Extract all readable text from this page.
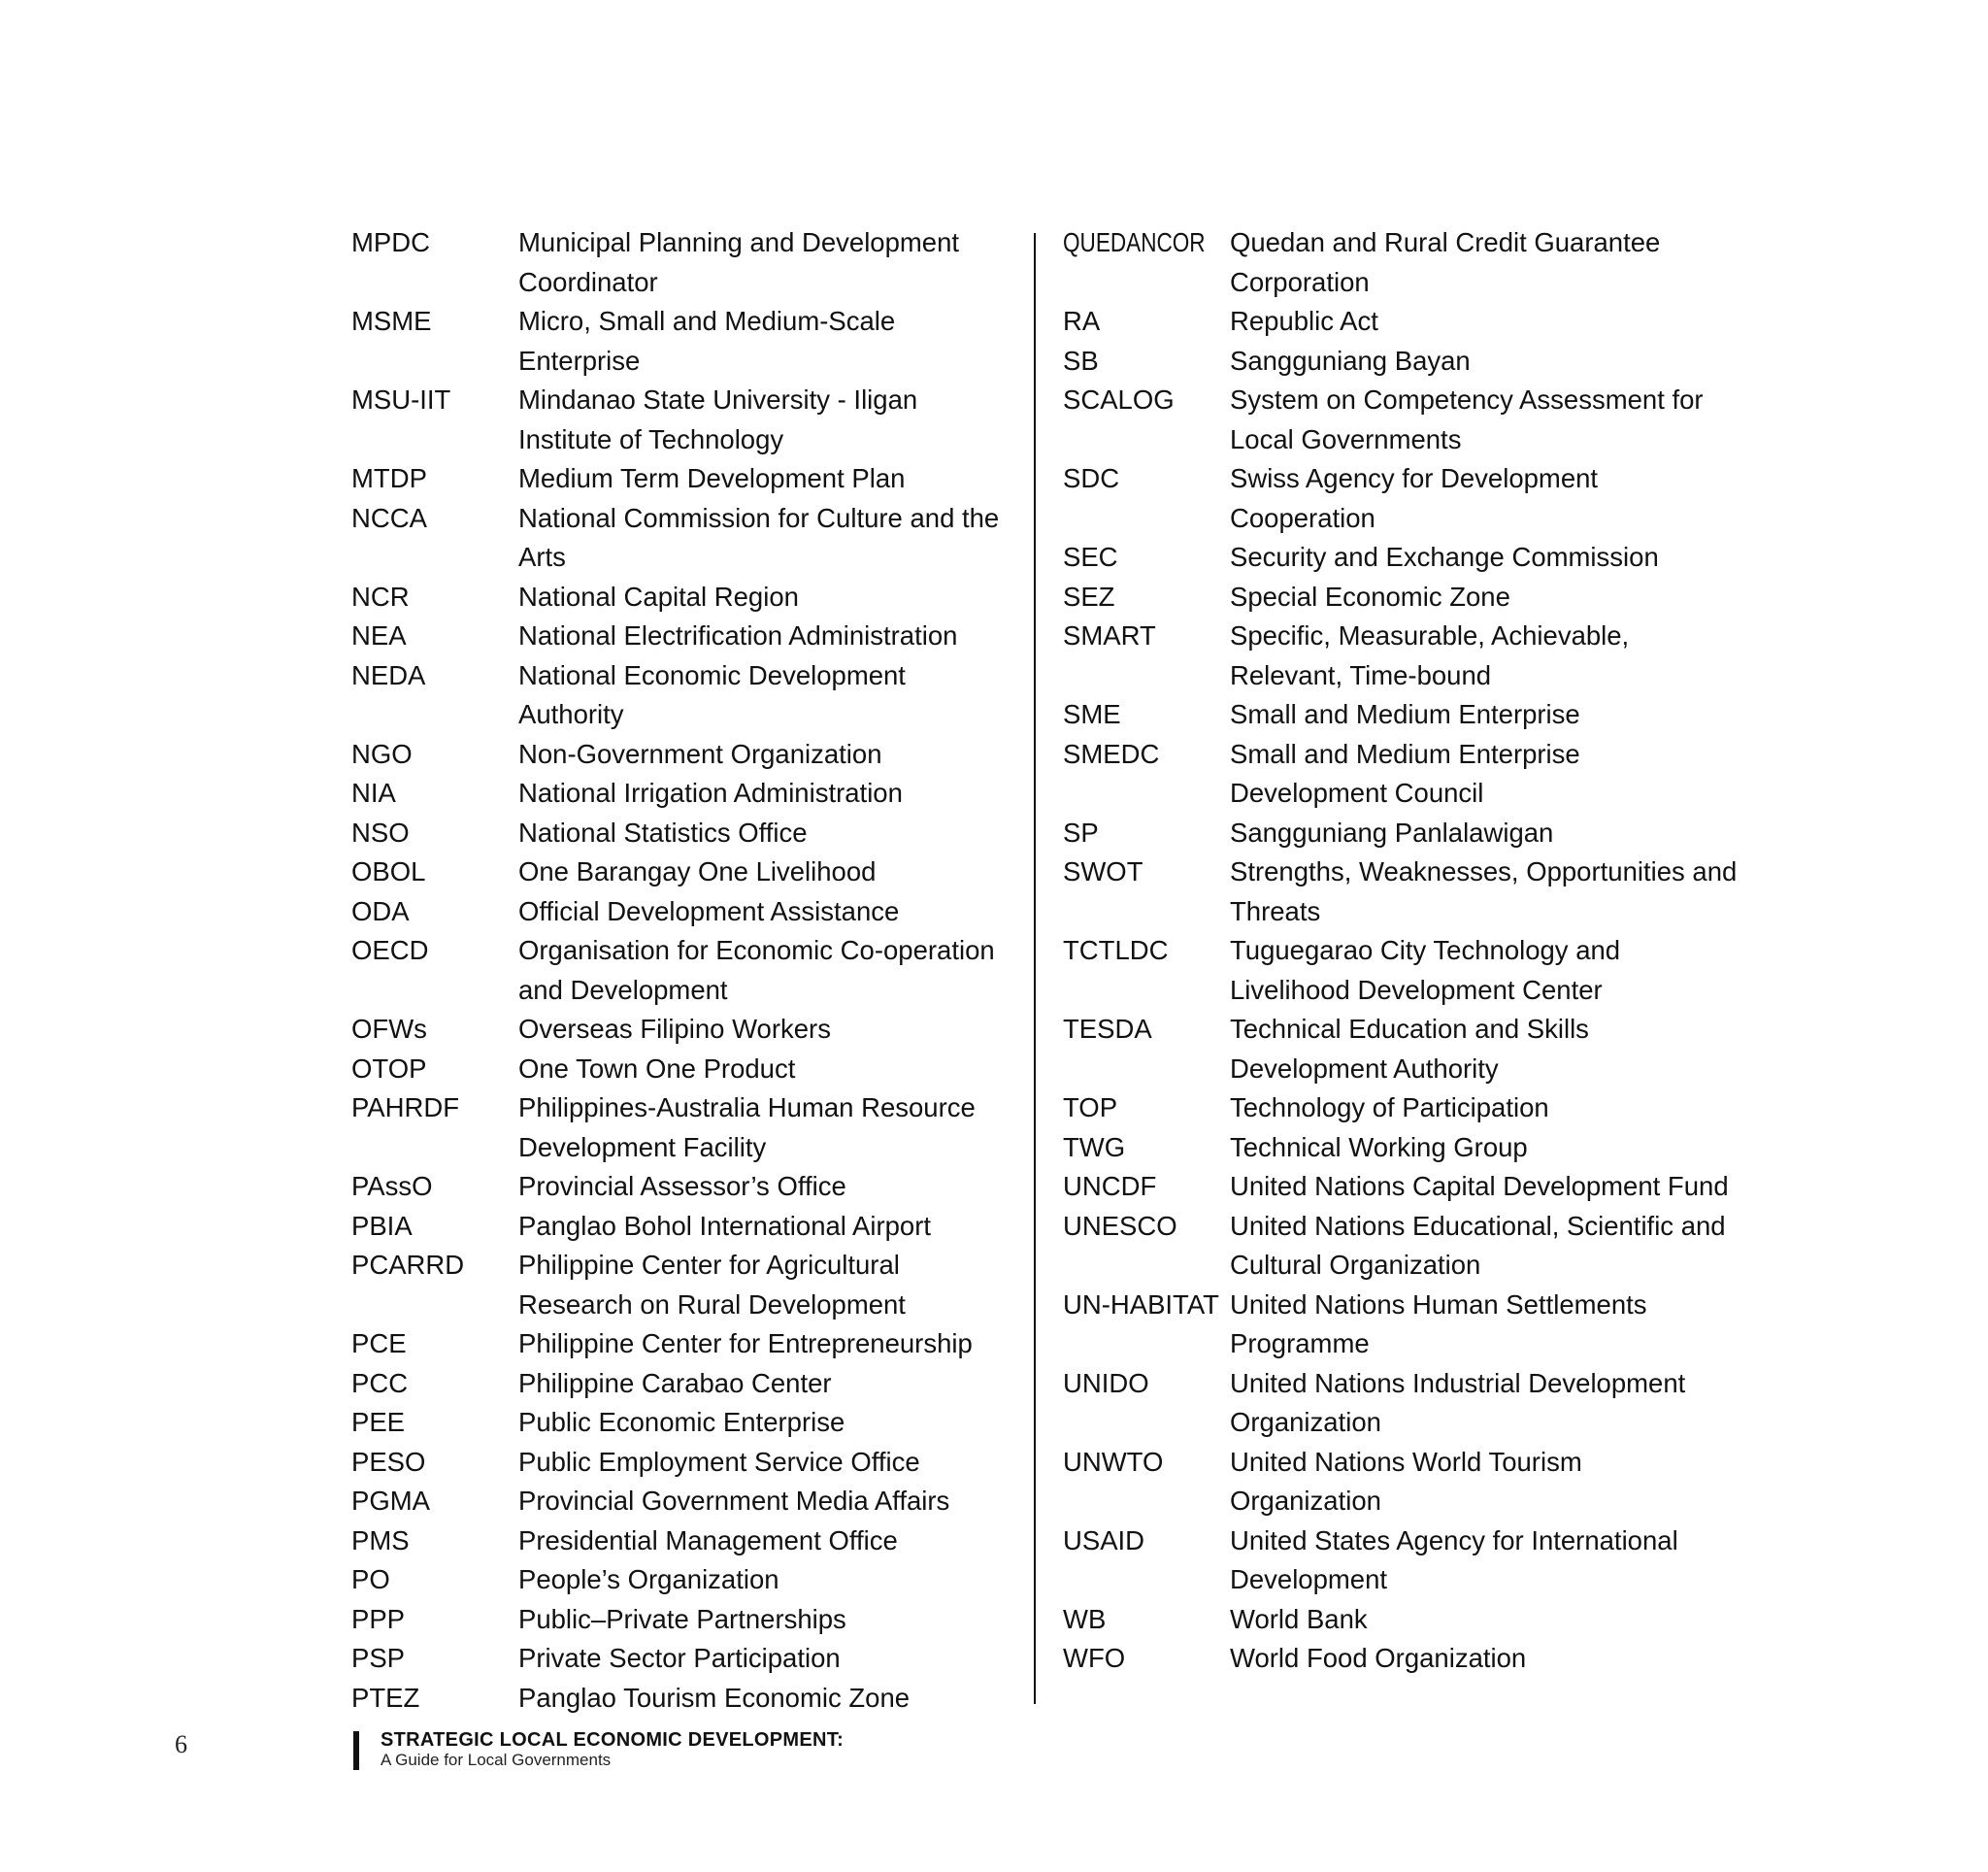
MPDC	Municipal Planning and Development Coordinator
MSME	Micro, Small and Medium-Scale Enterprise
MSU-IIT	Mindanao State University - Iligan Institute of Technology
MTDP	Medium Term Development Plan
NCCA	National Commission for Culture and the Arts
NCR	National Capital Region
NEA	National Electrification Administration
NEDA	National Economic Development Authority
NGO	Non-Government Organization
NIA	National Irrigation Administration
NSO	National Statistics Office
OBOL	One Barangay One Livelihood
ODA	Official Development Assistance
OECD	Organisation for Economic Co-operation and Development
OFWs	Overseas Filipino Workers
OTOP	One Town One Product
PAHRDF	Philippines-Australia Human Resource Development Facility
PAssO	Provincial Assessor’s Office
PBIA	Panglao Bohol International Airport
PCARRD	Philippine Center for Agricultural Research on Rural Development
PCE	Philippine Center for Entrepreneurship
PCC	Philippine Carabao Center
PEE	Public Economic Enterprise
PESO	Public Employment Service Office
PGMA	Provincial Government Media Affairs
PMS	Presidential Management Office
PO	People’s Organization
PPP	Public–Private Partnerships
PSP	Private Sector Participation
PTEZ	Panglao Tourism Economic Zone
QUEDANCOR Quedan and Rural Credit Guarantee Corporation
RA	Republic Act
SB	Sangguniang Bayan
SCALOG	System on Competency Assessment for Local Governments
SDC	Swiss Agency for Development Cooperation
SEC	Security and Exchange Commission
SEZ	Special Economic Zone
SMART	Specific, Measurable, Achievable, Relevant, Time-bound
SME	Small and Medium Enterprise
SMEDC	Small and Medium Enterprise Development Council
SP	Sangguniang Panlalawigan
SWOT	Strengths, Weaknesses, Opportunities and Threats
TCTLDC	Tuguegarao City Technology and Livelihood Development Center
TESDA	Technical Education and Skills Development Authority
TOP	Technology of Participation
TWG	Technical Working Group
UNCDF	United Nations Capital Development Fund
UNESCO	United Nations Educational, Scientific and Cultural Organization
UN-HABITAT United Nations Human Settlements Programme
UNIDO	United Nations Industrial Development Organization
UNWTO	United Nations World Tourism Organization
USAID	United States Agency for International Development
WB	World Bank
WFO	World Food Organization
6	STRATEGIC LOCAL ECONOMIC DEVELOPMENT:
A Guide for Local Governments
